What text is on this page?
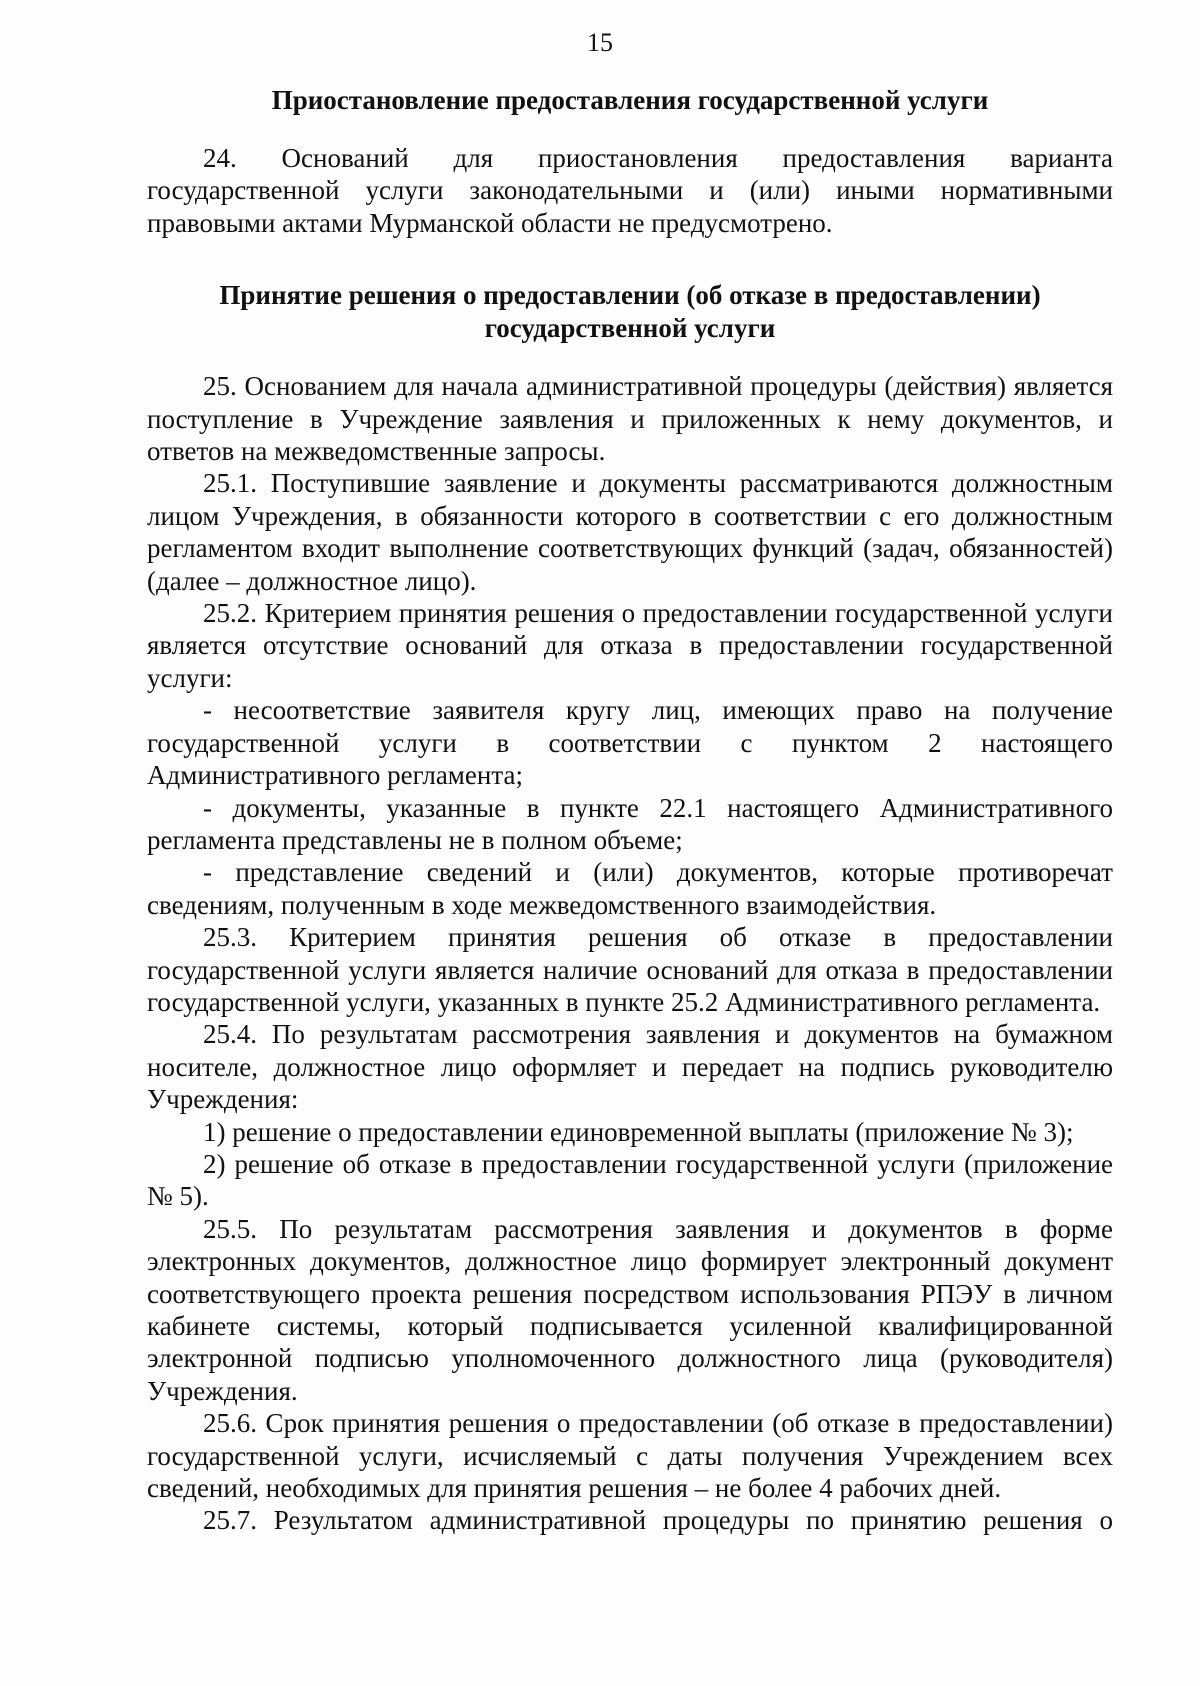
15
Приостановление предоставления государственной услуги

24. Оснований для приостановления предоставления варианта государственной услуги законодательными и (или) иными нормативными правовыми актами Мурманской области не предусмотрено.

Принятие решения о предоставлении (об отказе в предоставлении) государственной услуги

25. Основанием для начала административной процедуры (действия) является поступление в Учреждение заявления и приложенных к нему документов, и ответов на межведомственные запросы.

25.1. Поступившие заявление и документы рассматриваются должностным лицом Учреждения, в обязанности которого в соответствии с его должностным регламентом входит выполнение соответствующих функций (задач, обязанностей) (далее – должностное лицо).

25.2. Критерием принятия решения о предоставлении государственной услуги является отсутствие оснований для отказа в предоставлении государственной услуги:

- несоответствие заявителя кругу лиц, имеющих право на получение государственной услуги в соответствии с пунктом 2 настоящего Административного регламента;

- документы, указанные в пункте 22.1 настоящего Административного регламента представлены не в полном объеме;

- представление сведений и (или) документов, которые противоречат сведениям, полученным в ходе межведомственного взаимодействия.

25.3. Критерием принятия решения об отказе в предоставлении государственной услуги является наличие оснований для отказа в предоставлении государственной услуги, указанных в пункте 25.2 Административного регламента.

25.4. По результатам рассмотрения заявления и документов на бумажном носителе, должностное лицо оформляет и передает на подпись руководителю Учреждения:

1) решение о предоставлении единовременной выплаты (приложение № 3);

2) решение об отказе в предоставлении государственной услуги (приложение № 5).

25.5. По результатам рассмотрения заявления и документов в форме электронных документов, должностное лицо формирует электронный документ соответствующего проекта решения посредством использования РПЭУ в личном кабинете системы, который подписывается усиленной квалифицированной электронной подписью уполномоченного должностного лица (руководителя) Учреждения.

25.6. Срок принятия решения о предоставлении (об отказе в предоставлении) государственной услуги, исчисляемый с даты получения Учреждением всех сведений, необходимых для принятия решения – не более 4 рабочих дней.

25.7. Результатом административной процедуры по принятию решения о
